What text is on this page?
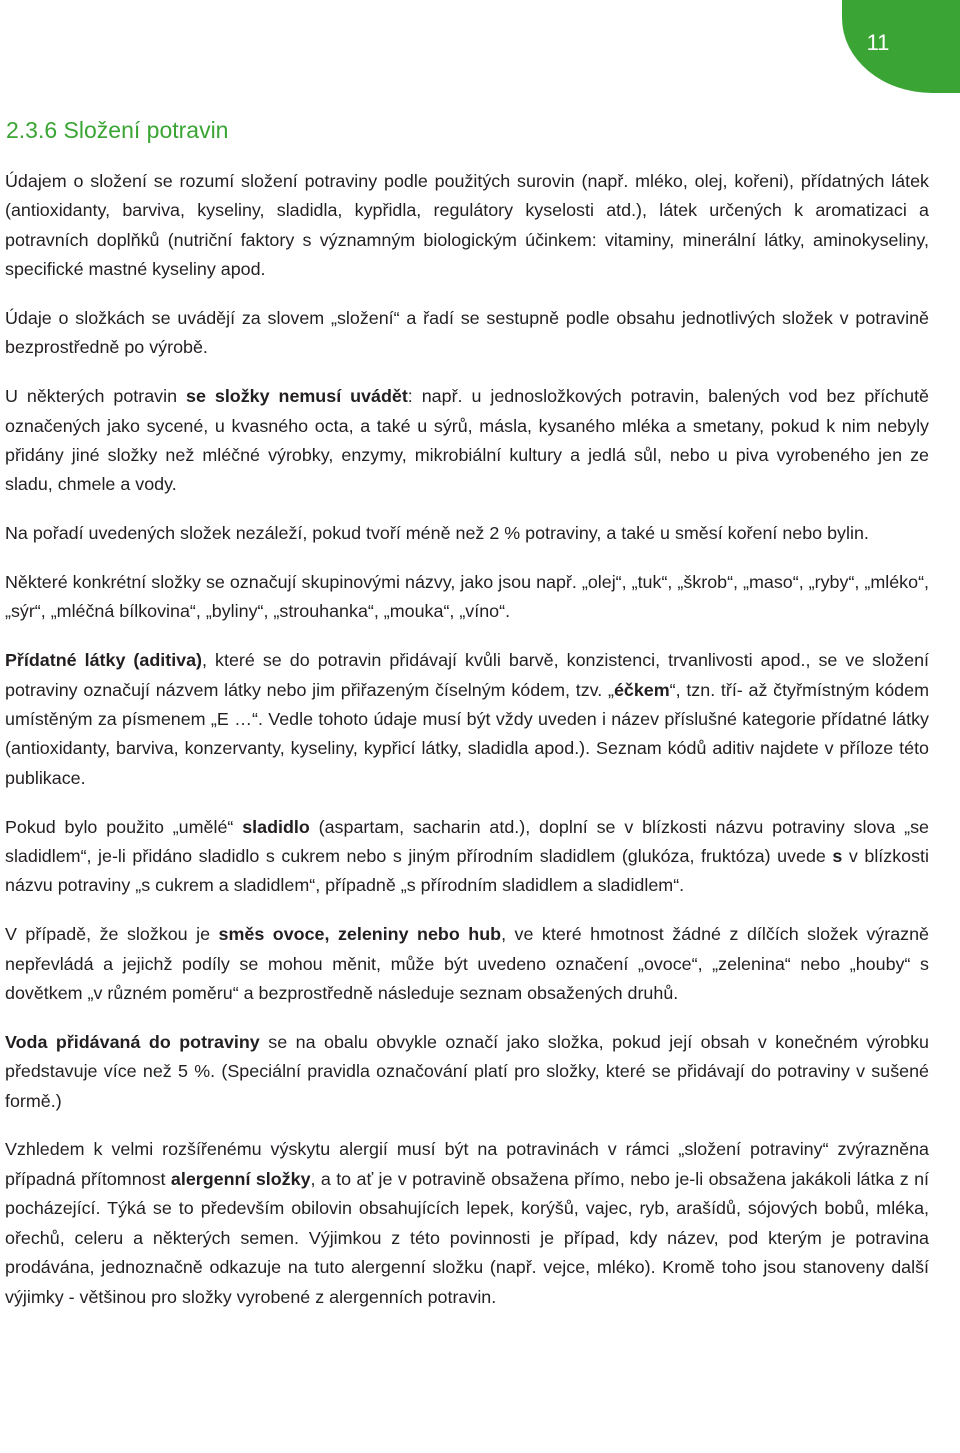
11
2.3.6 Složení potravin

Údajem o složení se rozumí složení potraviny podle použitých surovin (např. mléko, olej, kořeni), přídatných látek (antioxidanty, barviva, kyseliny, sladidla, kypřidla, regulátory kyselosti atd.), látek určených k aromatizaci a potravních doplňků (nutriční faktory s významným biologickým účinkem: vitaminy, minerální látky, aminokyseliny, specifické mastné kyseliny apod.

Údaje o složkách se uvádějí za slovem „složení“ a řadí se sestupně podle obsahu jednotlivých složek v potravině bezprostředně po výrobě.

U některých potravin se složky nemusí uvádět: např. u jednosložkových potravin, balených vod bez příchutě označených jako sycené, u kvasného octa, a také u sýrů, másla, kysaného mléka a smetany, pokud k nim nebyly přidány jiné složky než mléčné výrobky, enzymy, mikrobiální kultury a jedlá sůl, nebo u piva vyrobeného jen ze sladu, chmele a vody.

Na pořadí uvedených složek nezáleží, pokud tvoří méně než 2 % potraviny, a také u směsí koření nebo bylin.

Některé konkrétní složky se označují skupinovými názvy, jako jsou např. „olej“, „tuk“, „škrob“, „maso“, „ryby“, „mléko“, „sýr“, „mléčná bílkovina“, „byliny“, „strouhanka“, „mouka“, „víno“.

Přídatné látky (aditiva), které se do potravin přidávají kvůli barvě, konzistenci, trvanlivosti apod., se ve složení potraviny označují názvem látky nebo jim přiřazeným číselným kódem, tzv. „éčkem“, tzn. tří- až čtyřmístným kódem umístěným za písmenem „E …“. Vedle tohoto údaje musí být vždy uveden i název příslušné kategorie přídatné látky (antioxidanty, barviva, konzervanty, kyseliny, kypřicí látky, sladidla apod.). Seznam kódů aditiv najdete v příloze této publikace.

Pokud bylo použito „umělé“ sladidlo (aspartam, sacharin atd.), doplní se v blízkosti názvu potraviny slova „se sladidlem“, je-li přidáno sladidlo s cukrem nebo s jiným přírodním sladidlem (glukóza, fruktóza) uvede s v blízkosti názvu potraviny „s cukrem a sladidlem“, případně „s přírodním sladidlem a sladidlem“.

V případě, že složkou je směs ovoce, zeleniny nebo hub, ve které hmotnost žádné z dílčích složek výrazně nepřevládá a jejichž podíly se mohou měnit, může být uvedeno označení „ovoce“, „zelenina“ nebo „houby“ s dovětkem „v různém poměru“ a bezprostředně následuje seznam obsažených druhů.

Voda přidávaná do potraviny se na obalu obvykle označí jako složka, pokud její obsah v konečném výrobku představuje více než 5 %. (Speciální pravidla označování platí pro složky, které se přidávají do potraviny v sušené formě.)

Vzhledem k velmi rozšířenému výskytu alergií musí být na potravinách v rámci „složení potraviny“ zvýrazněna případná přítomnost alergenní složky, a to ať je v potravině obsažena přímo, nebo je-li obsažena jakákoli látka z ní pocházející. Týká se to především obilovin obsahujících lepek, korýšů, vajec, ryb, arašídů, sójových bobů, mléka, ořechů, celeru a některých semen. Výjimkou z této povinnosti je případ, kdy název, pod kterým je potravina prodávána, jednoznačně odkazuje na tuto alergenní složku (např. vejce, mléko). Kromě toho jsou stanoveny další výjimky - většinou pro složky vyrobené z alergenních potravin.
